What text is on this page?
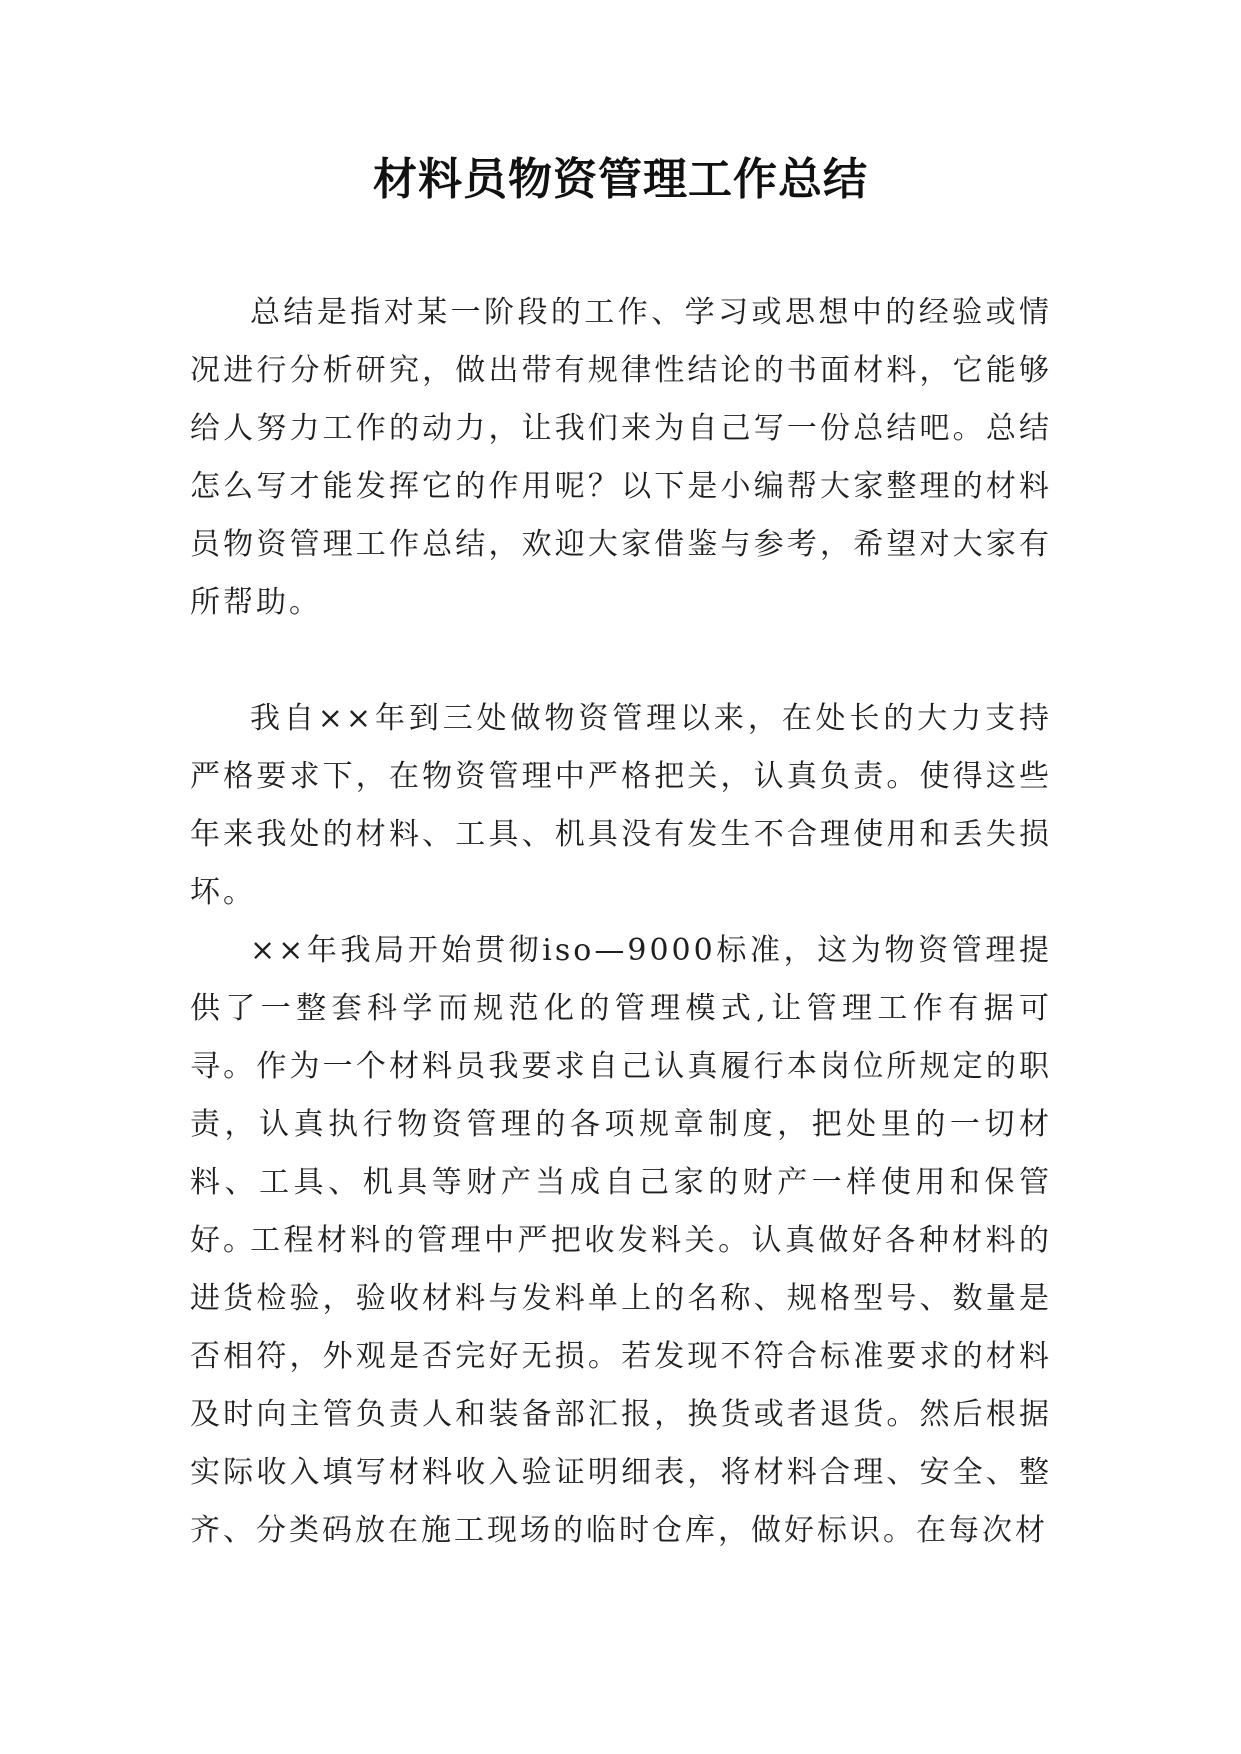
材料员物资管理工作总结

总结是指对某一阶段的工作、学习或思想中的经验或情况进行分析研究，做出带有规律性结论的书面材料，它能够给人努力工作的动力，让我们来为自己写一份总结吧。总结怎么写才能发挥它的作用呢？以下是小编帮大家整理的材料员物资管理工作总结，欢迎大家借鉴与参考，希望对大家有所帮助。

我自××年到三处做物资管理以来，在处长的大力支持严格要求下，在物资管理中严格把关，认真负责。使得这些年来我处的材料、工具、机具没有发生不合理使用和丢失损坏。

××年我局开始贯彻iso—9000标准，这为物资管理提供了一整套科学而规范化的管理模式,让管理工作有据可寻。作为一个材料员我要求自己认真履行本岗位所规定的职责，认真执行物资管理的各项规章制度，把处里的一切材料、工具、机具等财产当成自己家的财产一样使用和保管好。

工程材料的管理中严把收发料关。认真做好各种材料的进货检验，验收材料与发料单上的名称、规格型号、数量是否相符，外观是否完好无损。若发现不符合标准要求的材料及时向主管负责人和装备部汇报，换货或者退货。然后根据实际收入填写材料收入验证明细表，将材料合理、安全、整齐、分类码放在施工现场的临时仓库，做好标识。在每次材
